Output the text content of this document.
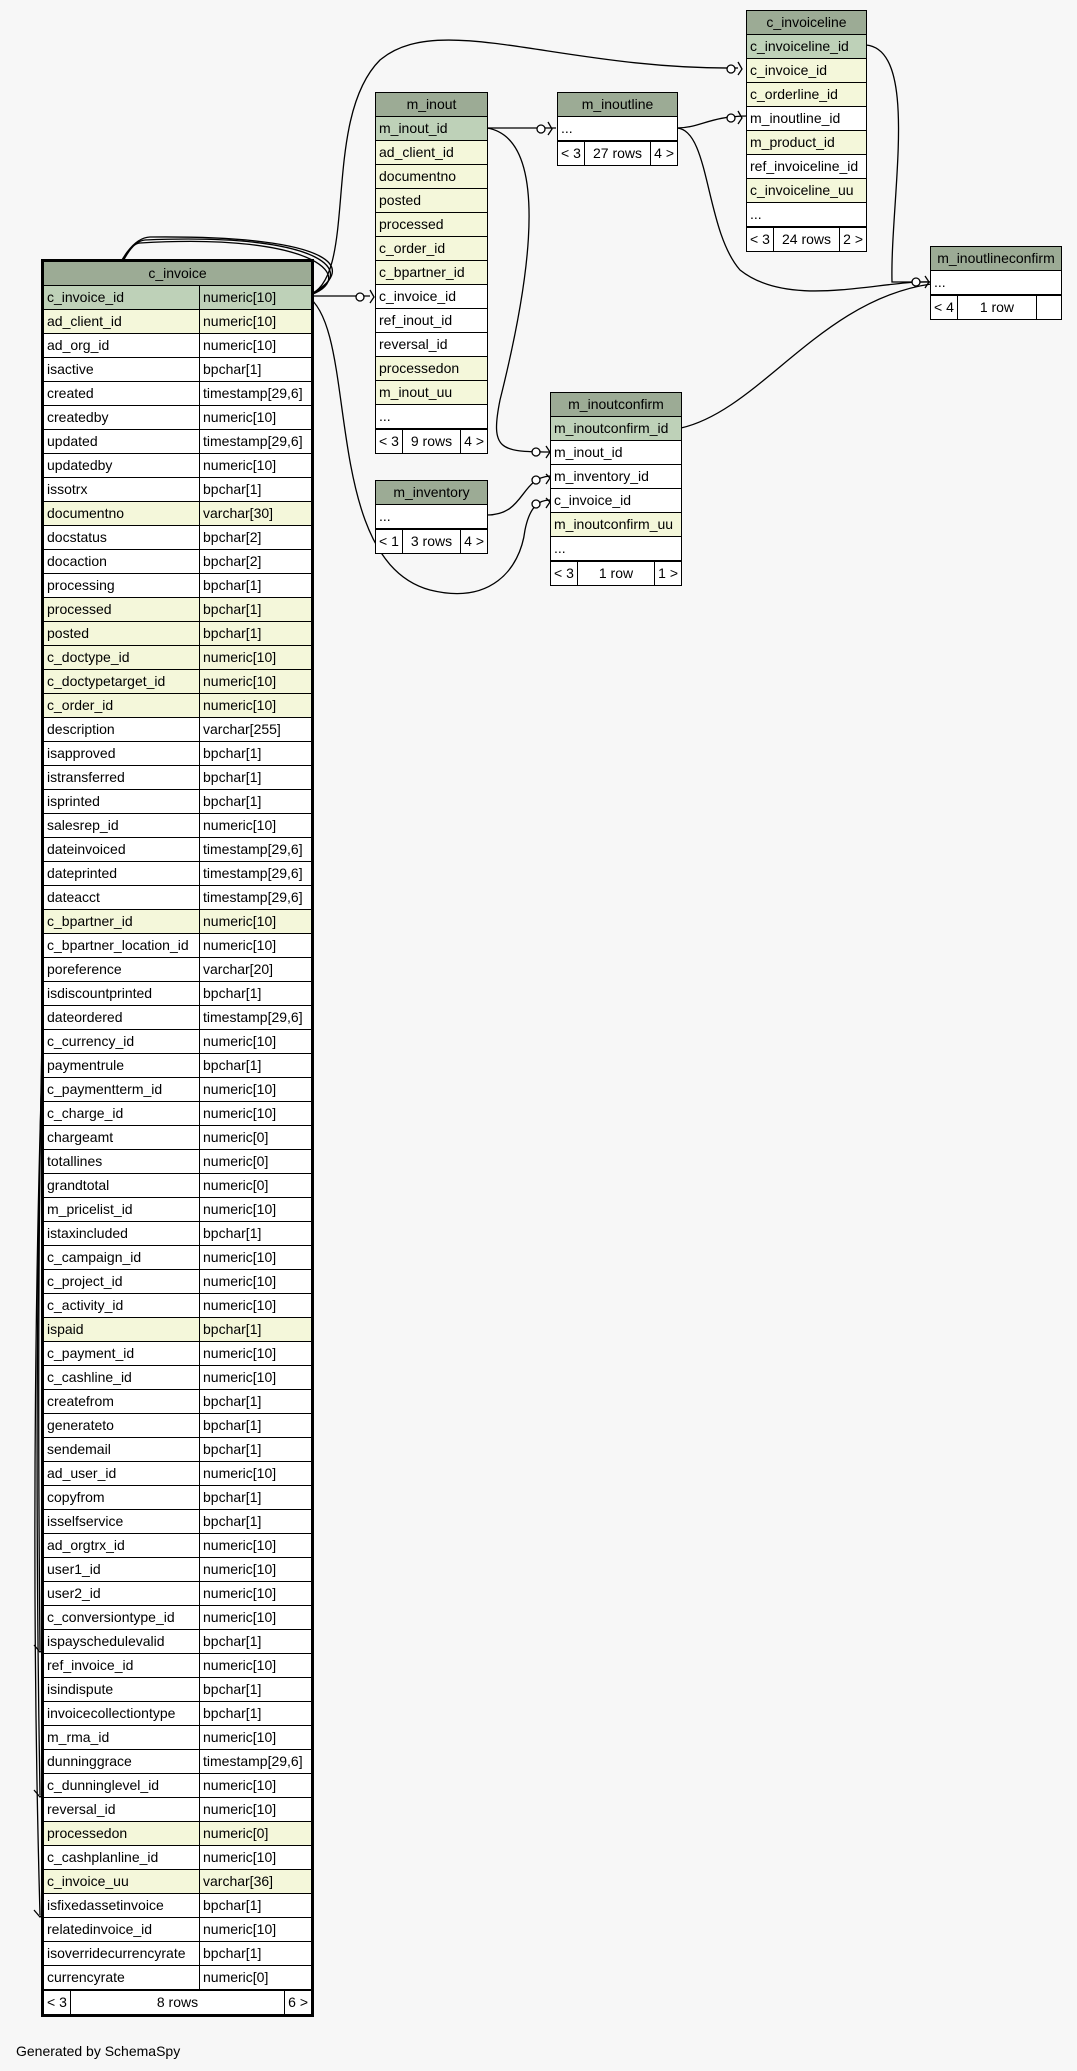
c_invoice
c_invoice_id	numeric[10]
ad_client_id	numeric[10]
ad_org_id	numeric[10]
isactive	bpchar[1]
created	timestamp[29,6]
createdby	numeric[10]
updated	timestamp[29,6]
updatedby	numeric[10]
issotrx	bpchar[1]
documentno	varchar[30]
docstatus	bpchar[2]
docaction	bpchar[2]
processing	bpchar[1]
processed	bpchar[1]
posted	bpchar[1]
c_doctype_id	numeric[10]
c_doctypetarget_id	numeric[10]
c_order_id	numeric[10]
description	varchar[255]
isapproved	bpchar[1]
istransferred	bpchar[1]
isprinted	bpchar[1]
salesrep_id	numeric[10]
dateinvoiced	timestamp[29,6]
dateprinted	timestamp[29,6]
dateacct	timestamp[29,6]
c_bpartner_id	numeric[10]
c_bpartner_location_id	numeric[10]
poreference	varchar[20]
isdiscountprinted	bpchar[1]
dateordered	timestamp[29,6]
c_currency_id	numeric[10]
paymentrule	bpchar[1]
c_paymentterm_id	numeric[10]
c_charge_id	numeric[10]
chargeamt	numeric[0]
totallines	numeric[0]
grandtotal	numeric[0]
m_pricelist_id	numeric[10]
istaxincluded	bpchar[1]
c_campaign_id	numeric[10]
c_project_id	numeric[10]
c_activity_id	numeric[10]
ispaid	bpchar[1]
c_payment_id	numeric[10]
c_cashline_id	numeric[10]
createfrom	bpchar[1]
generateto	bpchar[1]
sendemail	bpchar[1]
ad_user_id	numeric[10]
copyfrom	bpchar[1]
isselfservice	bpchar[1]
ad_orgtrx_id	numeric[10]
user1_id	numeric[10]
user2_id	numeric[10]
c_conversiontype_id	numeric[10]
ispayschedulevalid	bpchar[1]
ref_invoice_id	numeric[10]
isindispute	bpchar[1]
invoicecollectiontype	bpchar[1]
m_rma_id	numeric[10]
dunninggrace	timestamp[29,6]
c_dunninglevel_id	numeric[10]
reversal_id	numeric[10]
processedon	numeric[0]
c_cashplanline_id	numeric[10]
c_invoice_uu	varchar[36]
isfixedassetinvoice	bpchar[1]
relatedinvoice_id	numeric[10]
isoverridecurrencyrate	bpchar[1]
currencyrate	numeric[0]
< 3	8 rows	6 >
m_inout
m_inout_id
ad_client_id
documentno
posted
processed
c_order_id
c_bpartner_id
c_invoice_id
ref_inout_id
reversal_id
processedon
m_inout_uu
...
< 3 9 rows 4 >
m_inoutline
...
< 3 27 rows 4 >
c_invoiceline
c_invoiceline_id
c_invoice_id
c_orderline_id
m_inoutline_id
m_product_id
ref_invoiceline_id
c_invoiceline_uu
...
< 3 24 rows 2 >
m_inoutlineconfirm
...
< 4	1 row
m_inventory
...
< 1 3 rows 4 >
m_inoutconfirm
m_inoutconfirm_id
m_inout_id
m_inventory_id
c_invoice_id
m_inoutconfirm_uu
...
< 3	1 row	1 >
Generated by SchemaSpy
